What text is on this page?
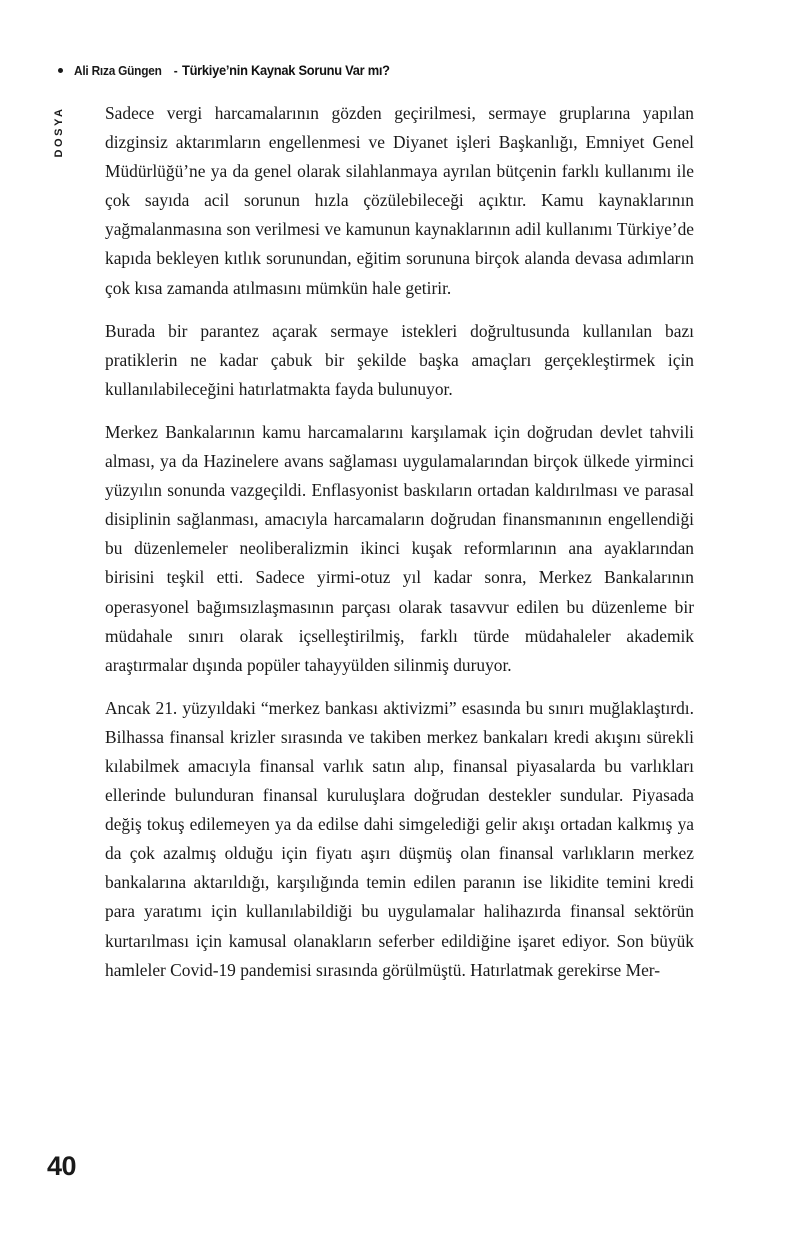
Ali Rıza Güngen - Türkiye’nin Kaynak Sorunu Var mı?
DOSYA Sadece vergi harcamalarının gözden geçirilmesi, sermaye gruplarına yapılan dizginsiz aktarımların engellenmesi ve Diyanet işleri Başkanlığı, Emniyet Genel Müdürlüğü’ne ya da genel olarak silahlanmaya ayrılan bütçenin farklı kullanımı ile çok sayıda acil sorunun hızla çözülebileceği açıktır. Kamu kaynaklarının yağmalanmasına son verilmesi ve kamunun kaynaklarının adil kullanımı Türkiye’de kapıda bekleyen kıtlık sorunundan, eğitim sorununa birçok alanda devasa adımların çok kısa zamanda atılmasını mümkün hale getirir.

Burada bir parantez açarak sermaye istekleri doğrultusunda kullanılan bazı pratiklerin ne kadar çabuk bir şekilde başka amaçları gerçekleştirmek için kullanılabileceğini hatırlatmakta fayda bulunuyor.

Merkez Bankalarının kamu harcamalarını karşılamak için doğrudan devlet tahvili alması, ya da Hazinelere avans sağlaması uygulamalarından birçok ülkede yirminci yüzyılın sonunda vazgeçildi. Enflasyonist baskıların ortadan kaldırılması ve parasal disiplinin sağlanması, amacıyla harcamaların doğrudan finansmanının engellendiği bu düzenlemeler neoliberalizmin ikinci kuşak reformlarının ana ayaklarından birisini teşkil etti. Sadece yirmi-otuz yıl kadar sonra, Merkez Bankalarının operasyonel bağımsızlaşmasının parçası olarak tasavvur edilen bu düzenleme bir müdahale sınırı olarak içselleştirilmiş, farklı türde müdahaleler akademik araştırmalar dışında popüler tahayyülden silinmiş duruyor.

Ancak 21. yüzyıldaki “merkez bankası aktivizmi” esasında bu sınırı muğlaklaştırdı. Bilhassa finansal krizler sırasında ve takiben merkez bankaları kredi akışını sürekli kılabilmek amacıyla finansal varlık satın alıp, finansal piyasalarda bu varlıkları ellerinde bulunduran finansal kuruluşlara doğrudan destekler sundular. Piyasada değiş tokuş edilemeyen ya da edilse dahi simgelediği gelir akışı ortadan kalkmış ya da çok azalmış olduğu için fiyatı aşırı düşmüş olan finansal varlıkların merkez bankalarına aktarıldığı, karşılığında temin edilen paranın ise likidite temini kredi para yaratımı için kullanılabildiği bu uygulamalar halihazırda finansal sektörün kurtarılması için kamusal olanakların seferber edildiğine işaret ediyor. Son büyük hamleler Covid-19 pandemisi sırasında görülmüştü. Hatırlatmak gerekirse Mer-

40
